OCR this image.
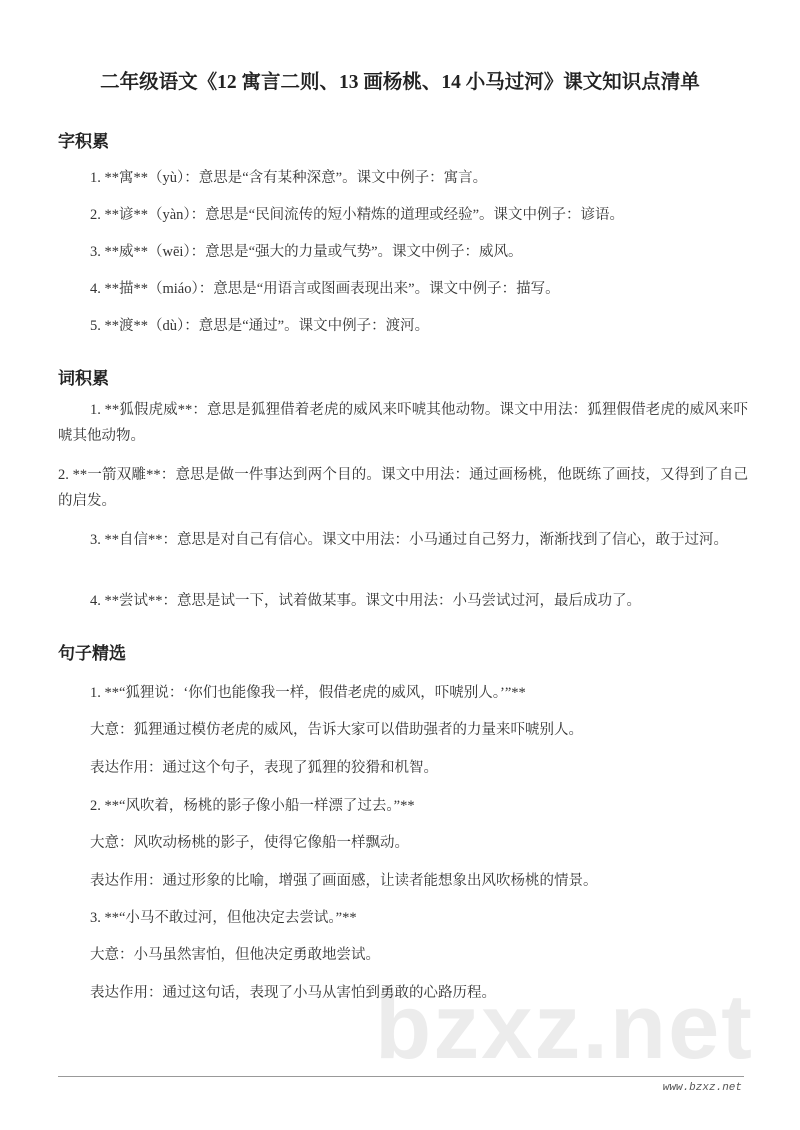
bzxz.net
二年级语文《12 寓言二则、13 画杨桃、14 小马过河》课文知识点清单
字积累
1. **寓**（yù）：意思是“含有某种深意”。课文中例子：寓言。
2. **谚**（yàn）：意思是“民间流传的短小精炼的道理或经验”。课文中例子：谚语。
3. **威**（wēi）：意思是“强大的力量或气势”。课文中例子：威风。
4. **描**（miáo）：意思是“用语言或图画表现出来”。课文中例子：描写。
5. **渡**（dù）：意思是“通过”。课文中例子：渡河。
词积累
1. **狐假虎威**：意思是狐狸借着老虎的威风来吓唬其他动物。课文中用法：狐狸假借老虎的威风来吓唬其他动物。
2. **一箭双雕**：意思是做一件事达到两个目的。课文中用法：通过画杨桃，他既练了画技，又得到了自己的启发。
3. **自信**：意思是对自己有信心。课文中用法：小马通过自己努力，渐渐找到了信心，敢于过河。
4. **尝试**：意思是试一下，试着做某事。课文中用法：小马尝试过河，最后成功了。
句子精选
1. **“狐狸说：‘你们也能像我一样，假借老虎的威风，吓唬别人。’”**
大意：狐狸通过模仿老虎的威风，告诉大家可以借助强者的力量来吓唬别人。
表达作用：通过这个句子，表现了狐狸的狡猾和机智。
2. **“风吹着，杨桃的影子像小船一样漂了过去。”**
大意：风吹动杨桃的影子，使得它像船一样飘动。
表达作用：通过形象的比喻，增强了画面感，让读者能想象出风吹杨桃的情景。
3. **“小马不敢过河，但他决定去尝试。”**
大意：小马虽然害怕，但他决定勇敢地尝试。
表达作用：通过这句话，表现了小马从害怕到勇敢的心路历程。
www.bzxz.net
